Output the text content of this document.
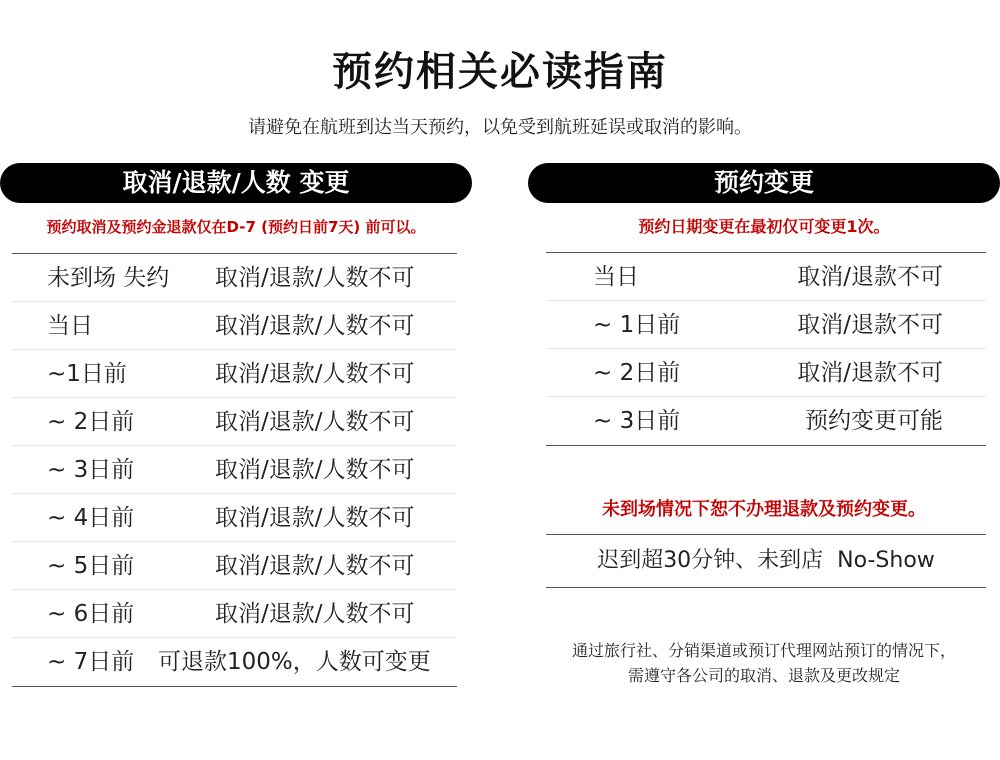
预约相关必读指南
请避免在航班到达当天预约，以免受到航班延误或取消的影响。
取消/退款/人数 变更
预约取消及预约金退款仅在D-7 (预约日前7天) 前可以。
未到场 失约 取消/退款/人数不可
当日	取消/退款/人数不可
~1日前	取消/退款/人数不可
~ 2日前	取消/退款/人数不可
~ 3日前	取消/退款/人数不可
~ 4日前	取消/退款/人数不可
~ 5日前	取消/退款/人数不可
~ 6日前	取消/退款/人数不可
~ 7日前 可退款100%，人数可变更
预约变更
预约日期变更在最初仅可变更1次。
当日	取消/退款不可
~ 1日前	取消/退款不可
~ 2日前	取消/退款不可
~ 3日前	预约变更可能
未到场情况下恕不办理退款及预约变更。
迟到超30分钟、未到店  No-Show
通过旅行社、分销渠道或预订代理网站预订的情况下，
需遵守各公司的取消、退款及更改规定
